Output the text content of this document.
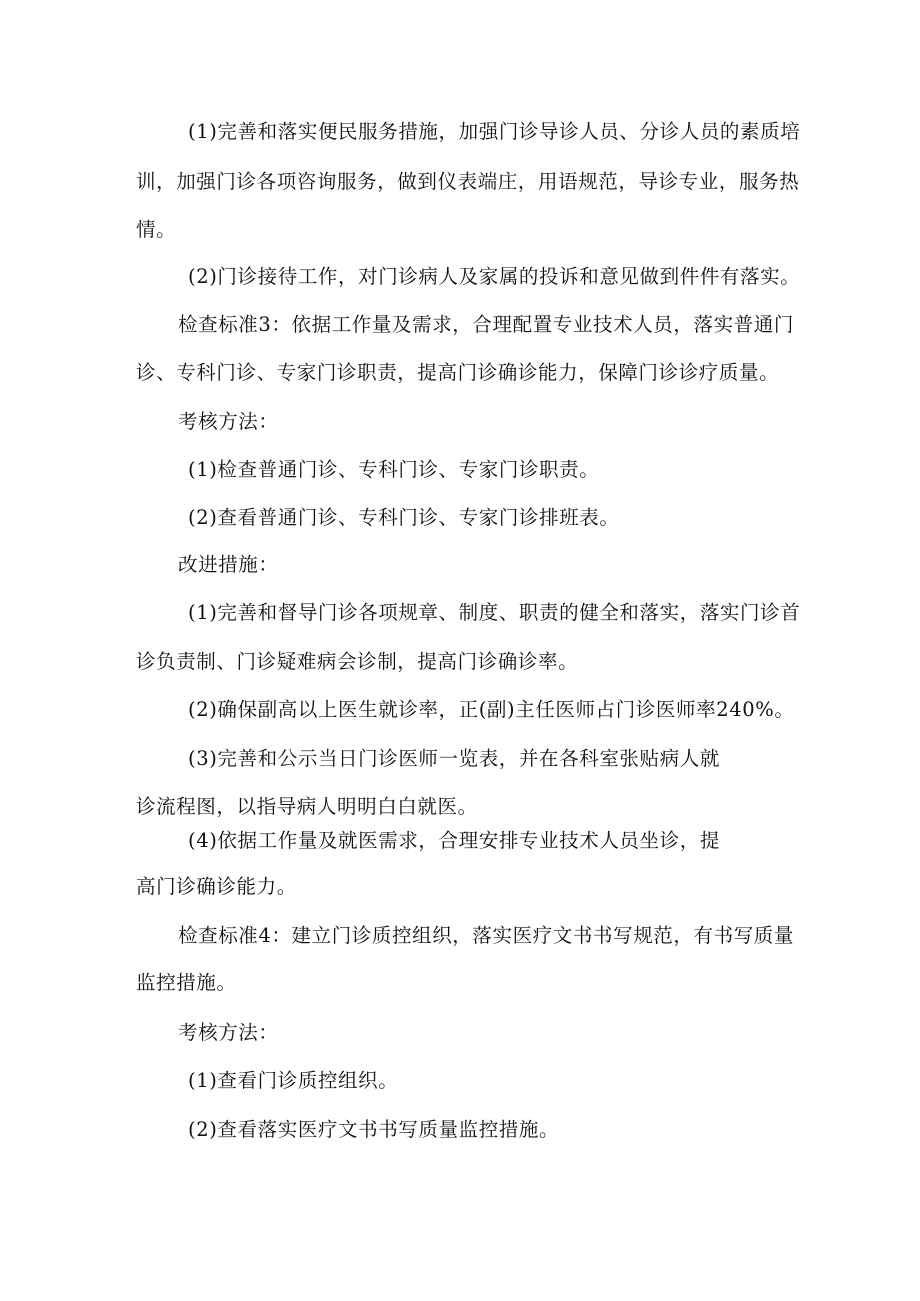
(1)完善和落实便民服务措施，加强门诊导诊人员、分诊人员的素质培
训，加强门诊各项咨询服务，做到仪表端庄，用语规范，导诊专业，服务热
情。
(2)门诊接待工作，对门诊病人及家属的投诉和意见做到件件有落实。
检查标准3：依据工作量及需求，合理配置专业技术人员，落实普通门
诊、专科门诊、专家门诊职责，提高门诊确诊能力，保障门诊诊疗质量。
考核方法：
(1)检查普通门诊、专科门诊、专家门诊职责。
(2)查看普通门诊、专科门诊、专家门诊排班表。
改进措施：
(1)完善和督导门诊各项规章、制度、职责的健全和落实，落实门诊首
诊负责制、门诊疑难病会诊制，提高门诊确诊率。
(2)确保副高以上医生就诊率，正(副)主任医师占门诊医师率240%。
(3)完善和公示当日门诊医师一览表，并在各科室张贴病人就
诊流程图，以指导病人明明白白就医。
(4)依据工作量及就医需求，合理安排专业技术人员坐诊，提
高门诊确诊能力。
检查标准4：建立门诊质控组织，落实医疗文书书写规范，有书写质量
监控措施。
考核方法：
(1)查看门诊质控组织。
(2)查看落实医疗文书书写质量监控措施。
